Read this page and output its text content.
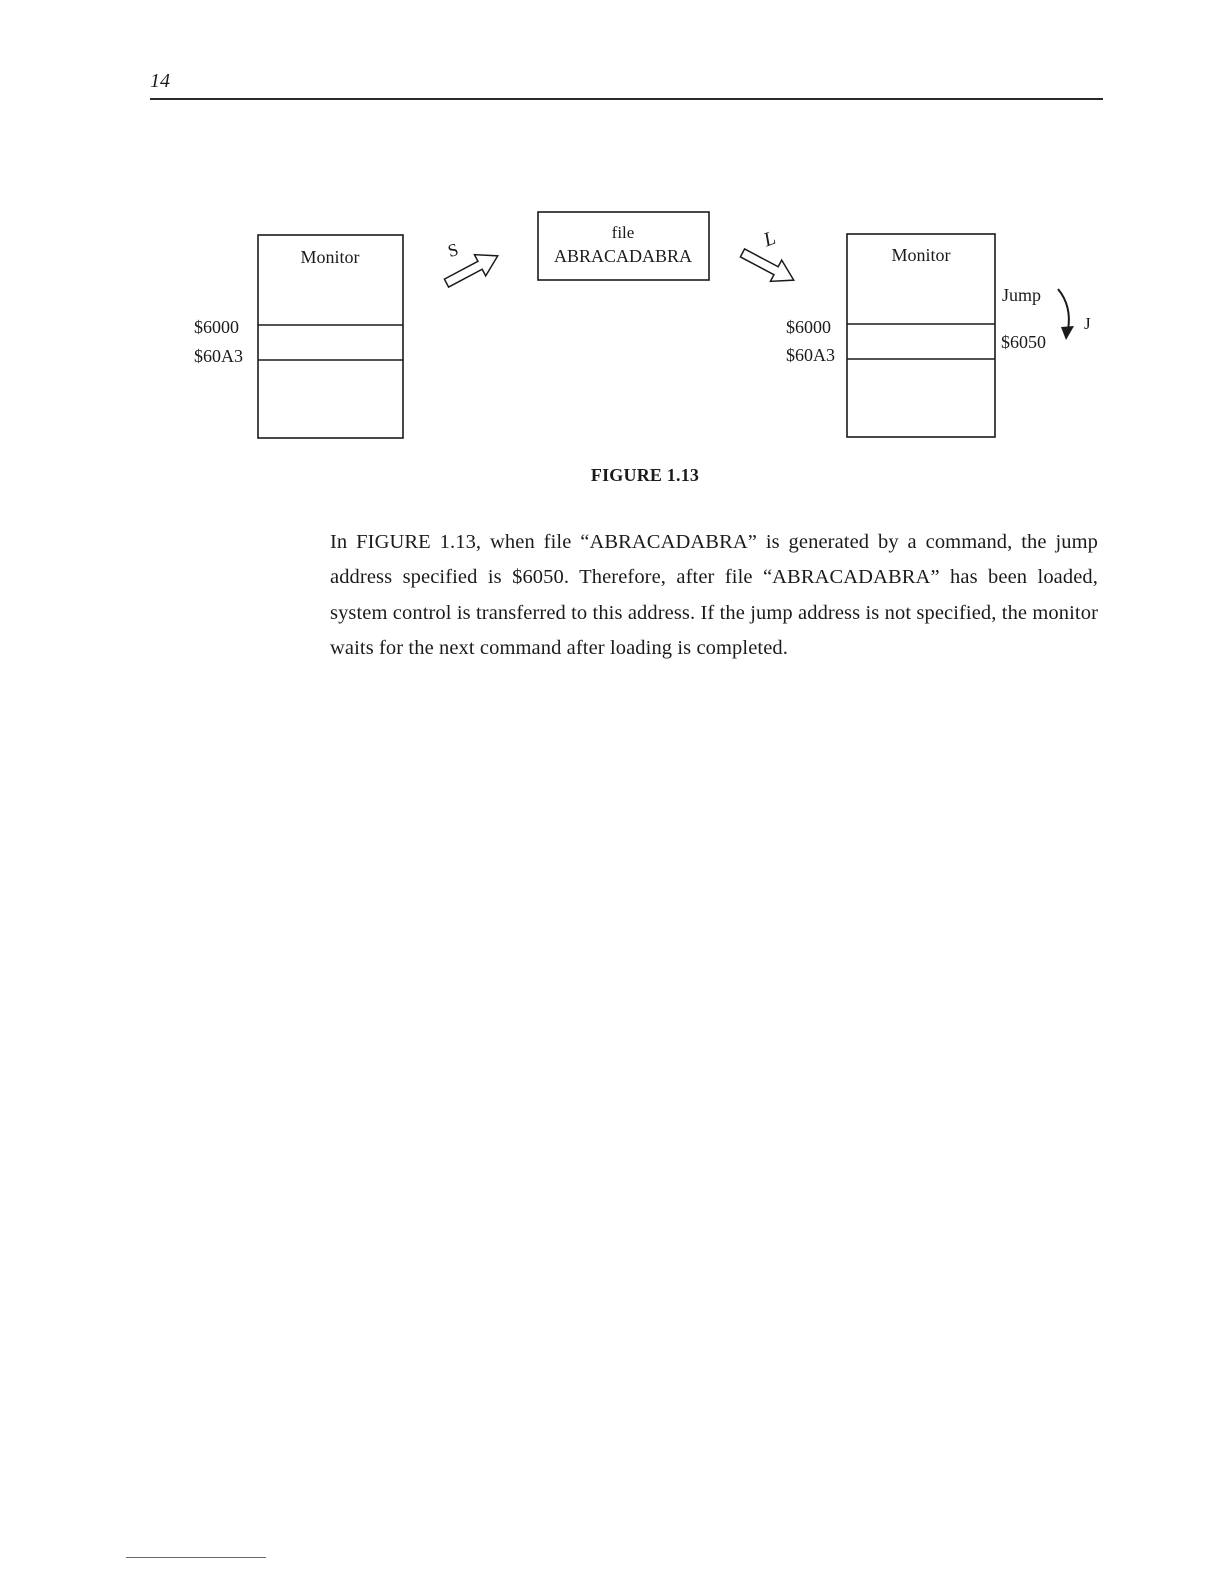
14
Monitor
$6000
$60A3
S
file
ABRACADABRA
L
Monitor
$6000
$60A3
Jump
$6050
J
FIGURE 1.13

In FIGURE 1.13, when file “ABRACADABRA” is generated by a command, the jump address specified is $6050. Therefore, after file “ABRACADABRA” has been loaded, system control is transferred to this address. If the jump address is not specified, the monitor waits for the next command after loading is completed.
